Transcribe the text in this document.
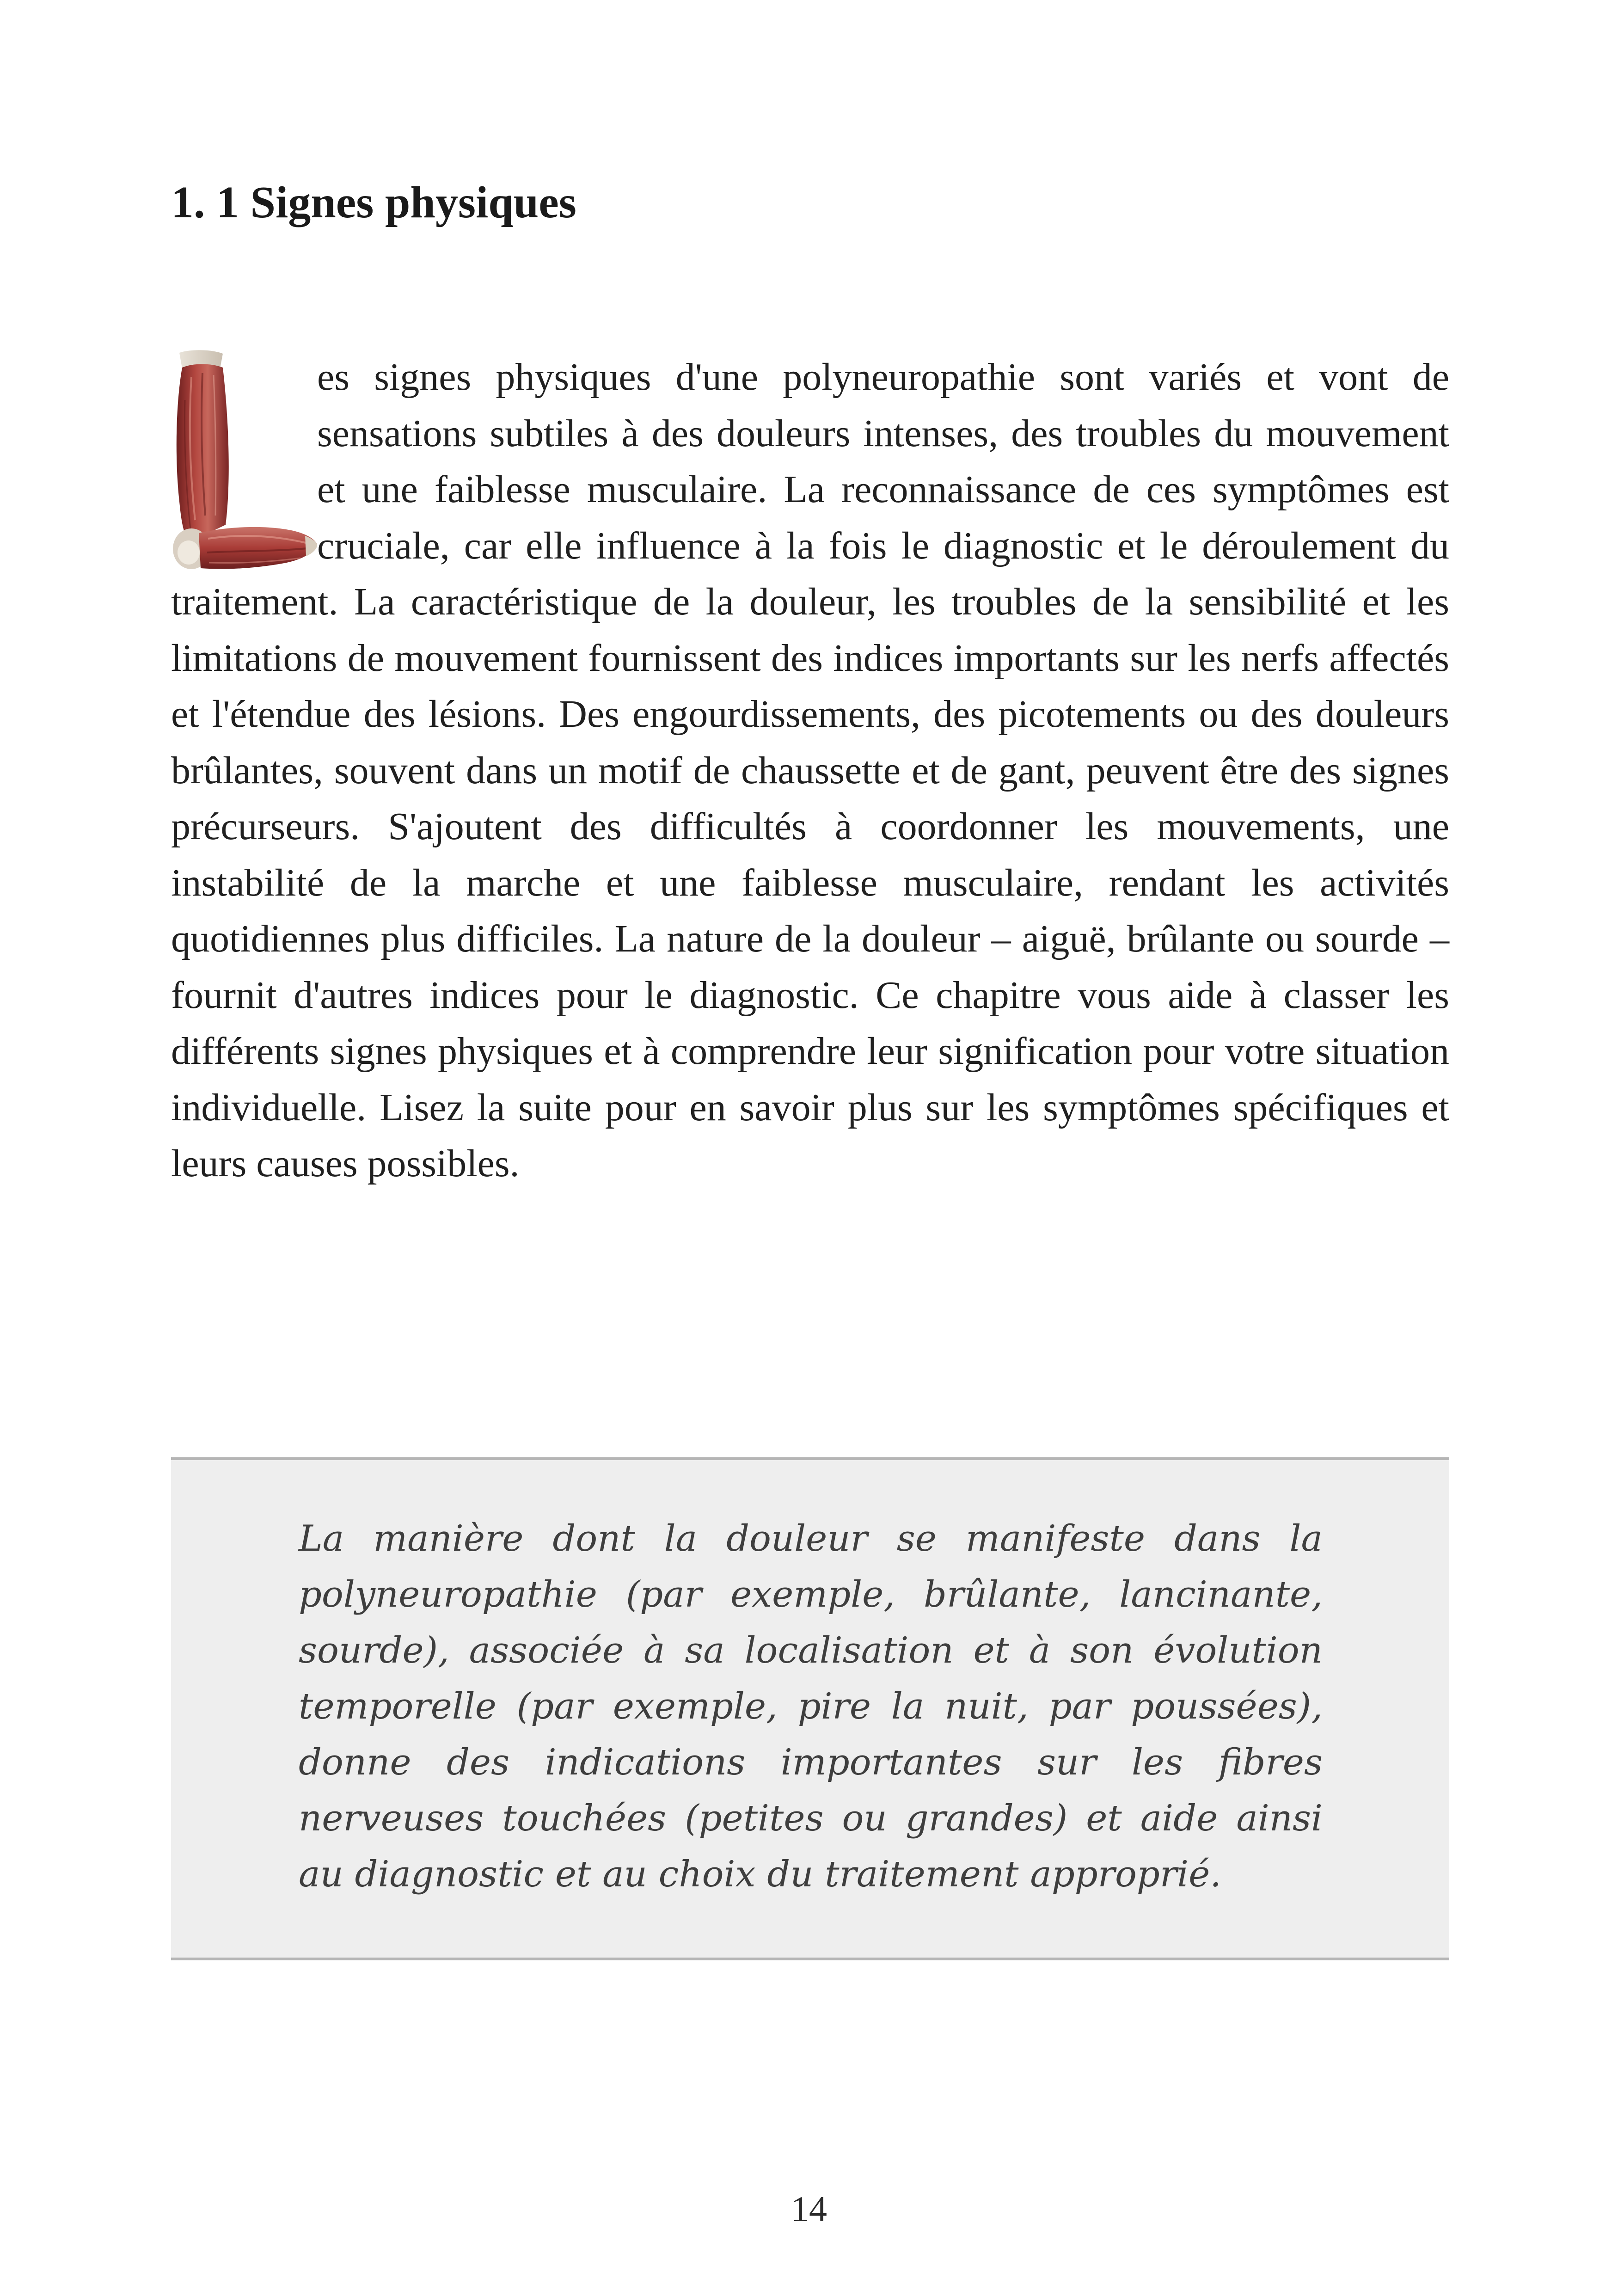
1. 1 Signes physiques

es signes physiques d'une polyneuropathie sont variés et vont de sensations subtiles à des douleurs intenses, des troubles du mouvement et une faiblesse musculaire. La reconnaissance de ces symptômes est cruciale, car elle influence à la fois le diagnostic et le déroulement du traitement. La caractéristique de la douleur, les troubles de la sensibilité et les limitations de mouvement fournissent des indices importants sur les nerfs affectés et l'étendue des lésions. Des engourdissements, des picotements ou des douleurs brûlantes, souvent dans un motif de chaussette et de gant, peuvent être des signes précurseurs. S'ajoutent des difficultés à coordonner les mouvements, une instabilité de la marche et une faiblesse musculaire, rendant les activités quotidiennes plus difficiles. La nature de la douleur – aiguë, brûlante ou sourde – fournit d'autres indices pour le diagnostic. Ce chapitre vous aide à classer les différents signes physiques et à comprendre leur signification pour votre situation individuelle. Lisez la suite pour en savoir plus sur les symptômes spécifiques et leurs causes possibles.

La manière dont la douleur se manifeste dans la polyneuropathie (par exemple, brûlante, lancinante, sourde), associée à sa localisation et à son évolution temporelle (par exemple, pire la nuit, par poussées), donne des indications importantes sur les fibres nerveuses touchées (petites ou grandes) et aide ainsi au diagnostic et au choix du traitement approprié.

14
